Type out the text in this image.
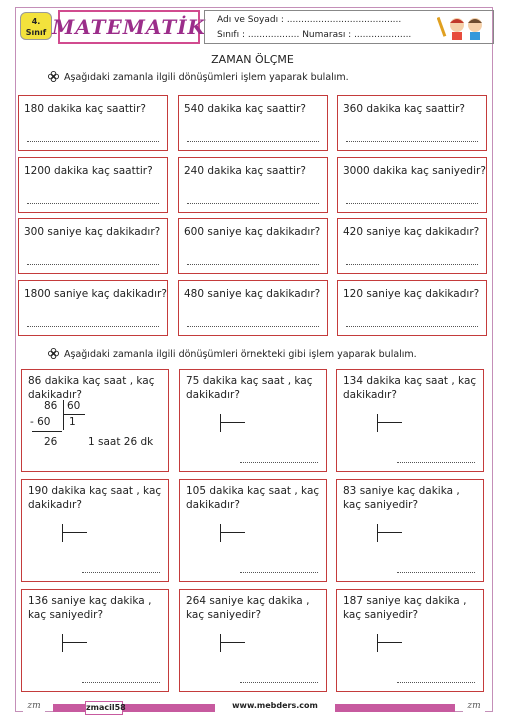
4.
Sınıf MATEMATİK Adı ve Soyadı : ........................................
Sınıfı : .................. Numarası : ....................
ZAMAN ÖLÇME
Aşağıdaki zamanla ilgili dönüşümleri işlem yaparak bulalım.
180 dakika kaç saattir?	540 dakika kaç saattir?	360 dakika kaç saattir?
1200 dakika kaç saattir?	240 dakika kaç saattir?	3000 dakika kaç saniyedir?
300 saniye kaç dakikadır? 600 saniye kaç dakikadır? 420 saniye kaç dakikadır?
1800 saniye kaç dakikadır? 480 saniye kaç dakikadır? 120 saniye kaç dakikadır?
Aşağıdaki zamanla ilgili dönüşümleri örnekteki gibi işlem yaparak bulalım.
86 dakika kaç saat , kaç dakikadır?
86 60
- 60 1
26	1 saat 26 dk
75 dakika kaç saat , kaç dakikadır?
134 dakika kaç saat , kaç dakikadır?
190 dakika kaç saat , kaç dakikadır?
105 dakika kaç saat , kaç dakikadır?
83 saniye kaç dakika , kaç saniyedir?
136 saniye kaç dakika , kaç saniyedir?
264 saniye kaç dakika , kaç saniyedir?
187 saniye kaç dakika , kaç saniyedir?
zmacil58	www.mebders.com
zm	zm
